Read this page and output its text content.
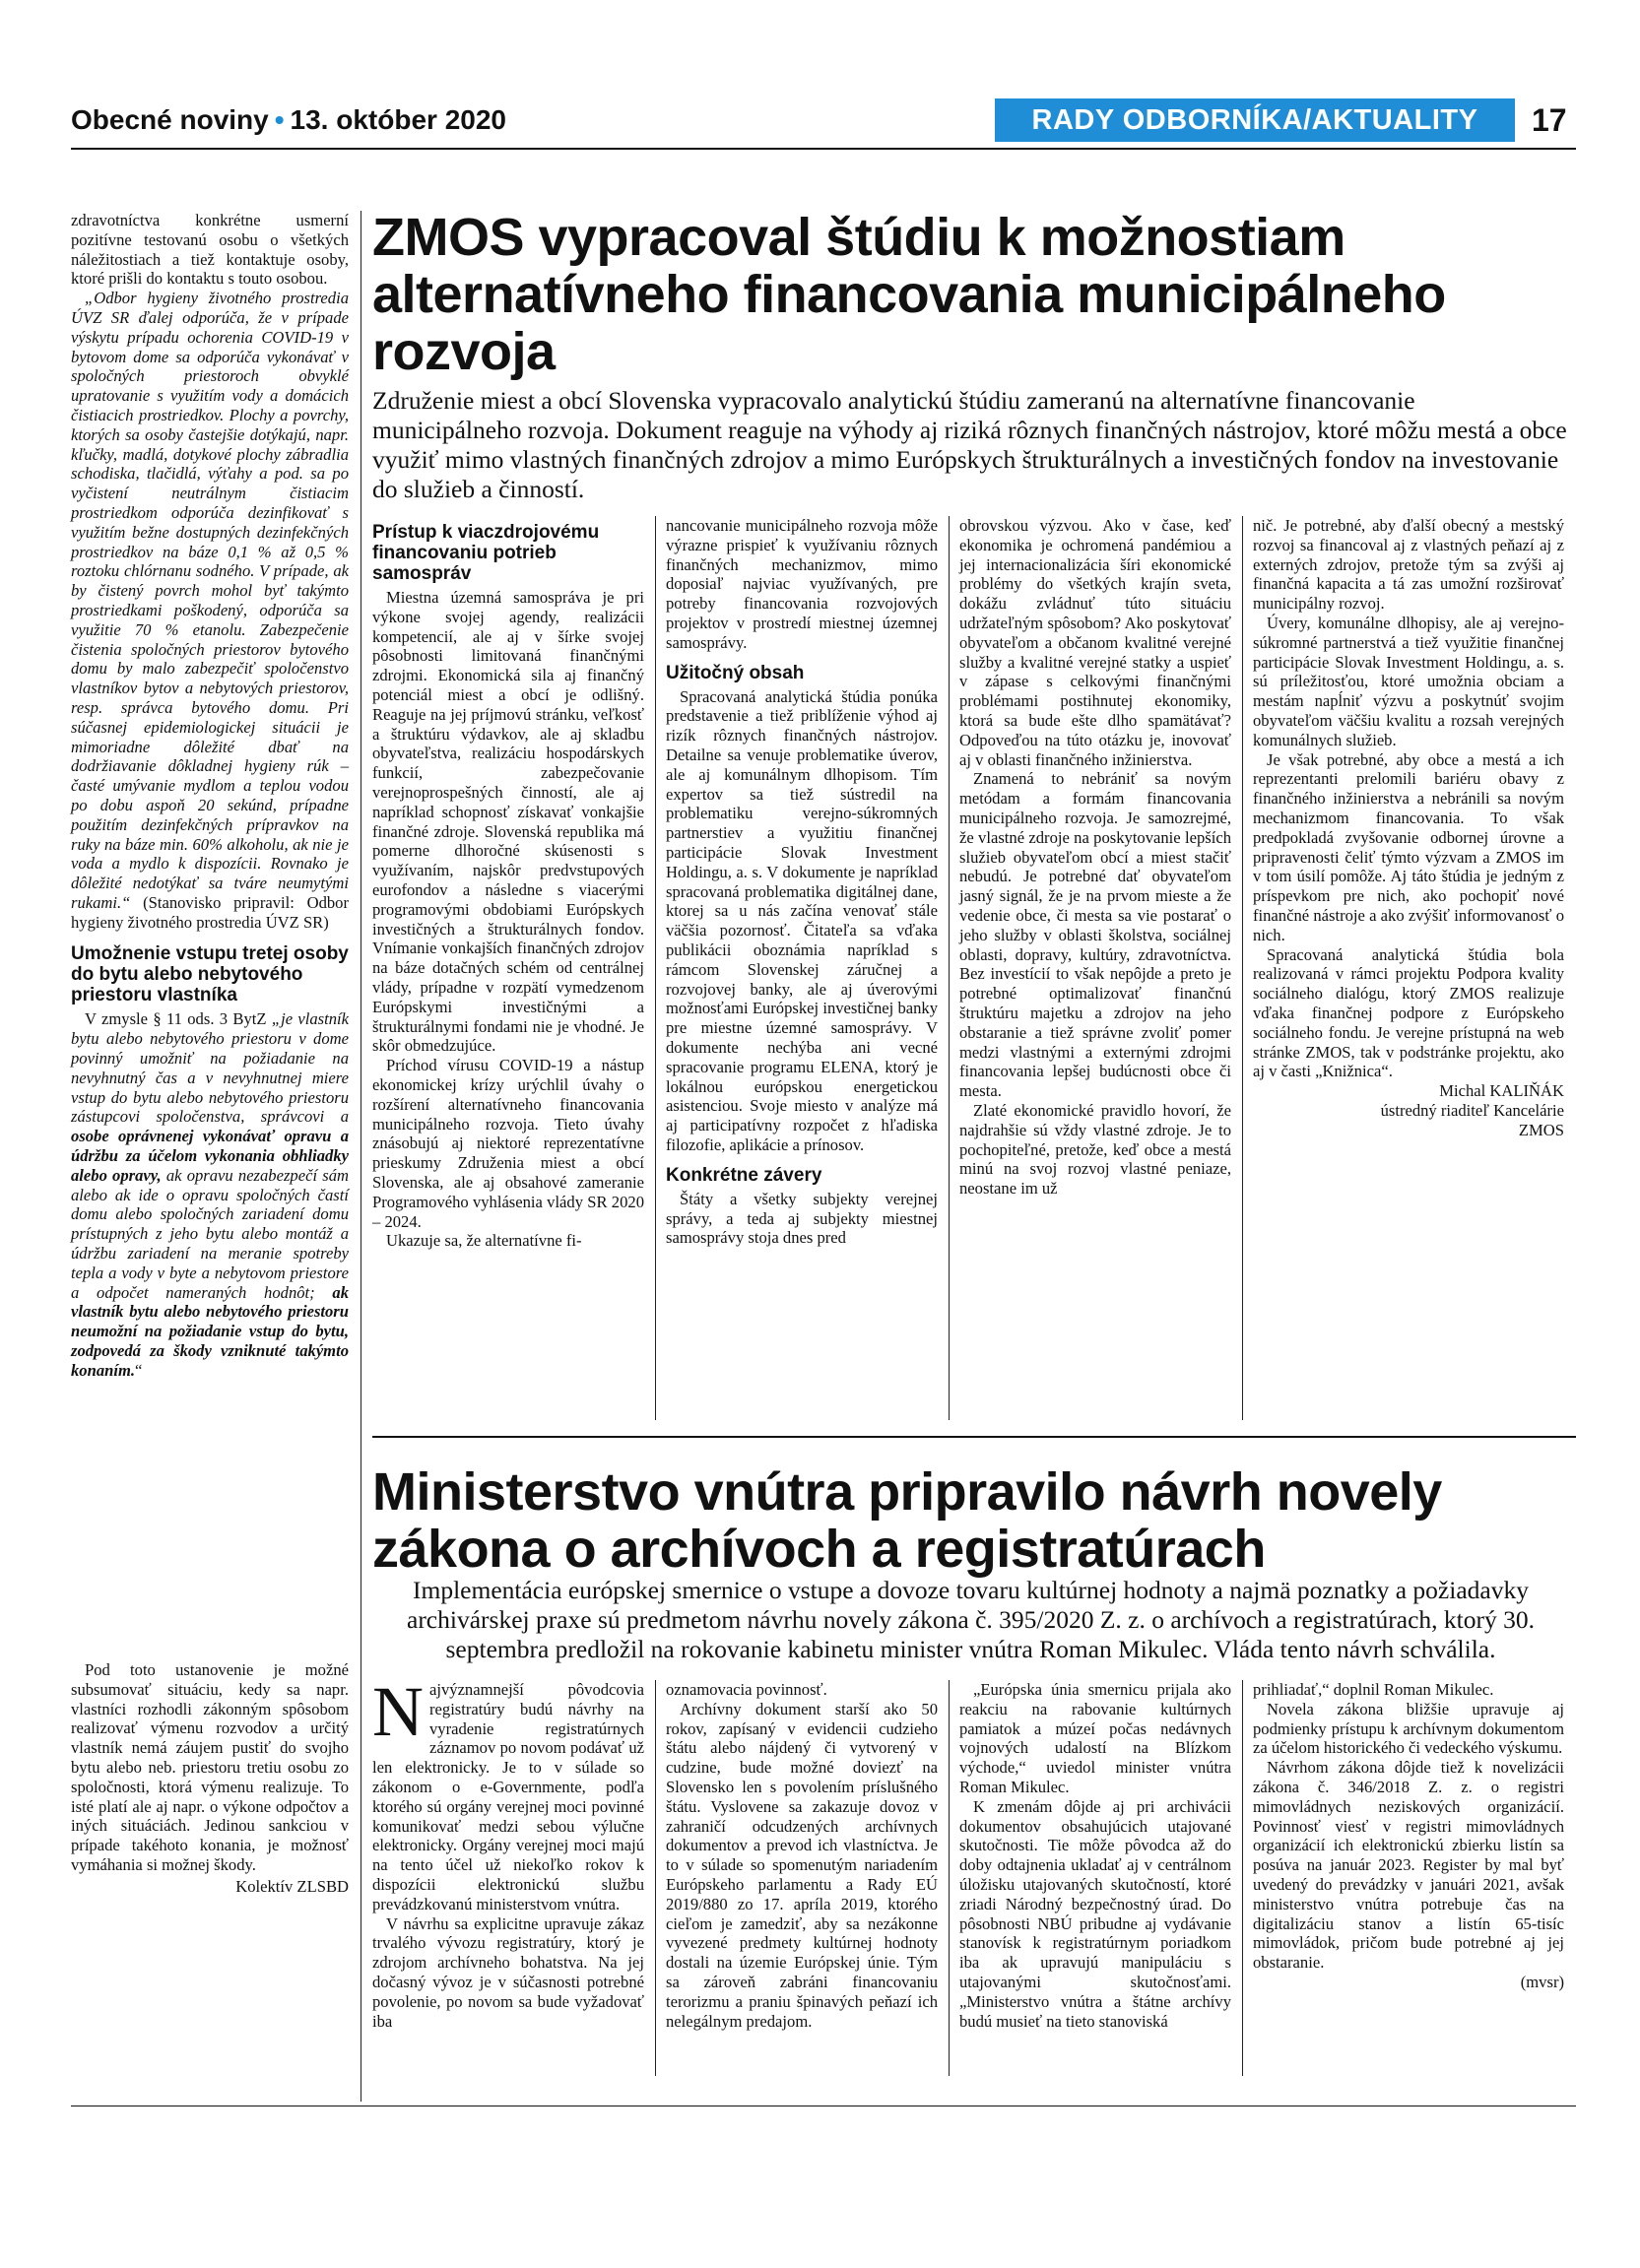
Obecné noviny • 13. október 2020	RADY ODBORNÍKA/AKTUALITY	17

zdravotníctva konkrétne usmerní pozitívne testovanú osobu o všetkých náležitostiach a tiež kontaktuje osoby, ktoré prišli do kontaktu s touto osobou.

„Odbor hygieny životného prostredia ÚVZ SR ďalej odporúča, že v prípade výskytu prípadu ochorenia COVID-19 v bytovom dome sa odporúča vykonávať v spoločných priestoroch obvyklé upratovanie s využitím vody a domácich čistiacich prostriedkov. Plochy a povrchy, ktorých sa osoby častejšie dotýkajú, napr. kľučky, madlá, dotykové plochy zábradlia schodiska, tlačidlá, výťahy a pod. sa po vyčistení neutrálnym čistiacim prostriedkom odporúča dezinfikovať s využitím bežne dostupných dezinfekčných prostriedkov na báze 0,1 % až 0,5 % roztoku chlórnanu sodného. V prípade, ak by čistený povrch mohol byť takýmto prostriedkami poškodený, odporúča sa využitie 70 % etanolu. Zabezpečenie čistenia spoločných priestorov bytového domu by malo zabezpečiť spoločenstvo vlastníkov bytov a nebytových priestorov, resp. správca bytového domu. Pri súčasnej epidemiologickej situácii je mimoriadne dôležité dbať na dodržiavanie dôkladnej hygieny rúk – časté umývanie mydlom a teplou vodou po dobu aspoň 20 sekúnd, prípadne použitím dezinfekčných prípravkov na ruky na báze min. 60% alkoholu, ak nie je voda a mydlo k dispozícii. Rovnako je dôležité nedotýkať sa tváre neumytými rukami.“ (Stanovisko pripravil: Odbor hygieny životného prostredia ÚVZ SR)

Umožnenie vstupu tretej osoby do bytu alebo nebytového priestoru vlastníka

V zmysle § 11 ods. 3 BytZ „je vlastník bytu alebo nebytového priestoru v dome povinný umožniť na požiadanie na nevyhnutný čas a v nevyhnutnej miere vstup do bytu alebo nebytového priestoru zástupcovi spoločenstva, správcovi a osobe oprávnenej vykonávať opravu a údržbu za účelom vykonania obhliadky alebo opravy, ak opravu nezabezpečí sám alebo ak ide o opravu spoločných častí domu alebo spoločných zariadení domu prístupných z jeho bytu alebo montáž a údržbu zariadení na meranie spotreby tepla a vody v byte a nebytovom priestore a odpočet nameraných hodnôt; ak vlastník bytu alebo nebytového priestoru neumožní na požiadanie vstup do bytu, zodpovedá za škody vzniknuté takýmto konaním.“

Pod toto ustanovenie je možné subsumovať situáciu, kedy sa napr. vlastníci rozhodli zákonným spôsobom realizovať výmenu rozvodov a určitý vlastník nemá záujem pustiť do svojho bytu alebo neb. priestoru tretiu osobu zo spoločnosti, ktorá výmenu realizuje. To isté platí ale aj napr. o výkone odpočtov a iných situáciách. Jedinou sankciou v prípade takéhoto konania, je možnosť vymáhania si možnej škody.

Kolektív ZLSBD

ZMOS vypracoval štúdiu k možnostiam alternatívneho financovania municipálneho rozvoja
Združenie miest a obcí Slovenska vypracovalo analytickú štúdiu zameranú na alternatívne financovanie municipálneho rozvoja. Dokument reaguje na výhody aj riziká rôznych finančných nástrojov, ktoré môžu mestá a obce využiť mimo vlastných finančných zdrojov a mimo Európskych štrukturálnych a investičných fondov na investovanie do služieb a činností.
Prístup k viaczdrojovému financovaniu potrieb samospráv

Miestna územná samospráva je pri výkone svojej agendy, realizácii kompetencií, ale aj v šírke svojej pôsobnosti limitovaná finančnými zdrojmi. Ekonomická sila aj finančný potenciál miest a obcí je odlišný. Reaguje na jej príjmovú stránku, veľkosť a štruktúru výdavkov, ale aj skladbu obyvateľstva, realizáciu hospodárskych funkcií, zabezpečovanie verejnoprospešných činností, ale aj napríklad schopnosť získavať vonkajšie finančné zdroje. Slovenská republika má pomerne dlhoročné skúsenosti s využívaním, najskôr predvstupových eurofondov a následne s viacerými programovými obdobiami Európskych investičných a štrukturálnych fondov. Vnímanie vonkajších finančných zdrojov na báze dotačných schém od centrálnej vlády, prípadne v rozpätí vymedzenom Európskymi investičnými a štrukturálnymi fondami nie je vhodné. Je skôr obmedzujúce.

Príchod vírusu COVID-19 a nástup ekonomickej krízy urýchlil úvahy o rozšírení alternatívneho financovania municipálneho rozvoja. Tieto úvahy znásobujú aj niektoré reprezentatívne prieskumy Združenia miest a obcí Slovenska, ale aj obsahové zameranie Programového vyhlásenia vlády SR 2020 – 2024.

Ukazuje sa, že alternatívne fi-

nancovanie municipálneho rozvoja môže výrazne prispieť k využívaniu rôznych finančných mechanizmov, mimo doposiaľ najviac využívaných, pre potreby financovania rozvojových projektov v prostredí miestnej územnej samosprávy.

Užitočný obsah

Spracovaná analytická štúdia ponúka predstavenie a tiež priblíženie výhod aj rizík rôznych finančných nástrojov. Detailne sa venuje problematike úverov, ale aj komunálnym dlhopisom. Tím expertov sa tiež sústredil na problematiku verejno-súkromných partnerstiev a využitiu finančnej participácie Slovak Investment Holdingu, a. s. V dokumente je napríklad spracovaná problematika digitálnej dane, ktorej sa u nás začína venovať stále väčšia pozornosť. Čitateľa sa vďaka publikácii oboznámia napríklad s rámcom Slovenskej záručnej a rozvojovej banky, ale aj úverovými možnosťami Európskej investičnej banky pre miestne územné samosprávy. V dokumente nechýba ani vecné spracovanie programu ELENA, ktorý je lokálnou európskou energetickou asistenciou. Svoje miesto v analýze má aj participatívny rozpočet z hľadiska filozofie, aplikácie a prínosov.

Konkrétne závery

Štáty a všetky subjekty verejnej správy, a teda aj subjekty miestnej samosprávy stoja dnes pred

obrovskou výzvou. Ako v čase, keď ekonomika je ochromená pandémiou a jej internacionalizácia šíri ekonomické problémy do všetkých krajín sveta, dokážu zvládnuť túto situáciu udržateľným spôsobom? Ako poskytovať obyvateľom a občanom kvalitné verejné služby a kvalitné verejné statky a uspieť v zápase s celkovými finančnými problémami postihnutej ekonomiky, ktorá sa bude ešte dlho spamätávať? Odpoveďou na túto otázku je, inovovať aj v oblasti finančného inžinierstva.

Znamená to nebrániť sa novým metódam a formám financovania municipálneho rozvoja. Je samozrejmé, že vlastné zdroje na poskytovanie lepších služieb obyvateľom obcí a miest stačiť nebudú. Je potrebné dať obyvateľom jasný signál, že je na prvom mieste a že vedenie obce, či mesta sa vie postarať o jeho služby v oblasti školstva, sociálnej oblasti, dopravy, kultúry, zdravotníctva. Bez investícií to však nepôjde a preto je potrebné optimalizovať finančnú štruktúru majetku a zdrojov na jeho obstaranie a tiež správne zvoliť pomer medzi vlastnými a externými zdrojmi financovania lepšej budúcnosti obce či mesta.

Zlaté ekonomické pravidlo hovorí, že najdrahšie sú vždy vlastné zdroje. Je to pochopiteľné, pretože, keď obce a mestá minú na svoj rozvoj vlastné peniaze, neostane im už

nič. Je potrebné, aby ďalší obecný a mestský rozvoj sa financoval aj z vlastných peňazí aj z externých zdrojov, pretože tým sa zvýši aj finančná kapacita a tá zas umožní rozširovať municipálny rozvoj.

Úvery, komunálne dlhopisy, ale aj verejno-súkromné partnerstvá a tiež využitie finančnej participácie Slovak Investment Holdingu, a. s. sú príležitosťou, ktoré umožnia obciam a mestám napĺniť výzvu a poskytnúť svojim obyvateľom väčšiu kvalitu a rozsah verejných komunálnych služieb.

Je však potrebné, aby obce a mestá a ich reprezentanti prelomili bariéru obavy z finančného inžinierstva a nebránili sa novým mechanizmom financovania. To však predpokladá zvyšovanie odbornej úrovne a pripravenosti čeliť týmto výzvam a ZMOS im v tom úsilí pomôže. Aj táto štúdia je jedným z príspevkom pre nich, ako pochopiť nové finančné nástroje a ako zvýšiť informovanosť o nich.

Spracovaná analytická štúdia bola realizovaná v rámci projektu Podpora kvality sociálneho dialógu, ktorý ZMOS realizuje vďaka finančnej podpore z Európskeho sociálneho fondu. Je verejne prístupná na web stránke ZMOS, tak v podstránke projektu, ako aj v časti „Knižnica“.

Michal KALIŇÁK

ústredný riaditeľ Kancelárie

ZMOS

Ministerstvo vnútra pripravilo návrh novely zákona o archívoch a registratúrach
Implementácia európskej smernice o vstupe a dovoze tovaru kultúrnej hodnoty a najmä poznatky a požiadavky archivárskej praxe sú predmetom návrhu novely zákona č. 395/2020 Z. z. o archívoch a registratúrach, ktorý 30. septembra predložil na rokovanie kabinetu minister vnútra Roman Mikulec. Vláda tento návrh schválila.

Najvýznamnejší pôvodcovia registratúry budú návrhy na vyradenie registratúrnych záznamov po novom podávať už len elektronicky. Je to v súlade so zákonom o e-Governmente, podľa ktorého sú orgány verejnej moci povinné komunikovať medzi sebou výlučne elektronicky. Orgány verejnej moci majú na tento účel už niekoľko rokov k dispozícii elektronickú službu prevádzkovanú ministerstvom vnútra.

V návrhu sa explicitne upravuje zákaz trvalého vývozu registratúry, ktorý je zdrojom archívneho bohatstva. Na jej dočasný vývoz je v súčasnosti potrebné povolenie, po novom sa bude vyžadovať iba

oznamovacia povinnosť.

Archívny dokument starší ako 50 rokov, zapísaný v evidencii cudzieho štátu alebo nájdený či vytvorený v cudzine, bude možné doviezť na Slovensko len s povolením príslušného štátu. Vyslovene sa zakazuje dovoz v zahraničí odcudzených archívnych dokumentov a prevod ich vlastníctva. Je to v súlade so spomenutým nariadením Európskeho parlamentu a Rady EÚ 2019/880 zo 17. apríla 2019, ktorého cieľom je zamedziť, aby sa nezákonne vyvezené predmety kultúrnej hodnoty dostali na územie Európskej únie. Tým sa zároveň zabráni financovaniu terorizmu a praniu špinavých peňazí ich nelegálnym predajom.

„Európska únia smernicu prijala ako reakciu na rabovanie kultúrnych pamiatok a múzeí počas nedávnych vojnových udalostí na Blízkom východe,“ uviedol minister vnútra Roman Mikulec.

K zmenám dôjde aj pri archivácii dokumentov obsahujúcich utajované skutočnosti. Tie môže pôvodca až do doby odtajnenia ukladať aj v centrálnom úložisku utajovaných skutočností, ktoré zriadi Národný bezpečnostný úrad. Do pôsobnosti NBÚ pribudne aj vydávanie stanovísk k registratúrnym poriadkom iba ak upravujú manipuláciu s utajovanými skutočnosťami. „Ministerstvo vnútra a štátne archívy budú musieť na tieto stanoviská

prihliadať,“ doplnil Roman Mikulec.

Novela zákona bližšie upravuje aj podmienky prístupu k archívnym dokumentom za účelom historického či vedeckého výskumu.

Návrhom zákona dôjde tiež k novelizácii zákona č. 346/2018 Z. z. o registri mimovládnych neziskových organizácií. Povinnosť viesť v registri mimovládnych organizácií ich elektronickú zbierku listín sa posúva na január 2023. Register by mal byť uvedený do prevádzky v januári 2021, avšak ministerstvo vnútra potrebuje čas na digitalizáciu stanov a listín 65-tisíc mimovládok, pričom bude potrebné aj jej obstaranie.

(mvsr)
